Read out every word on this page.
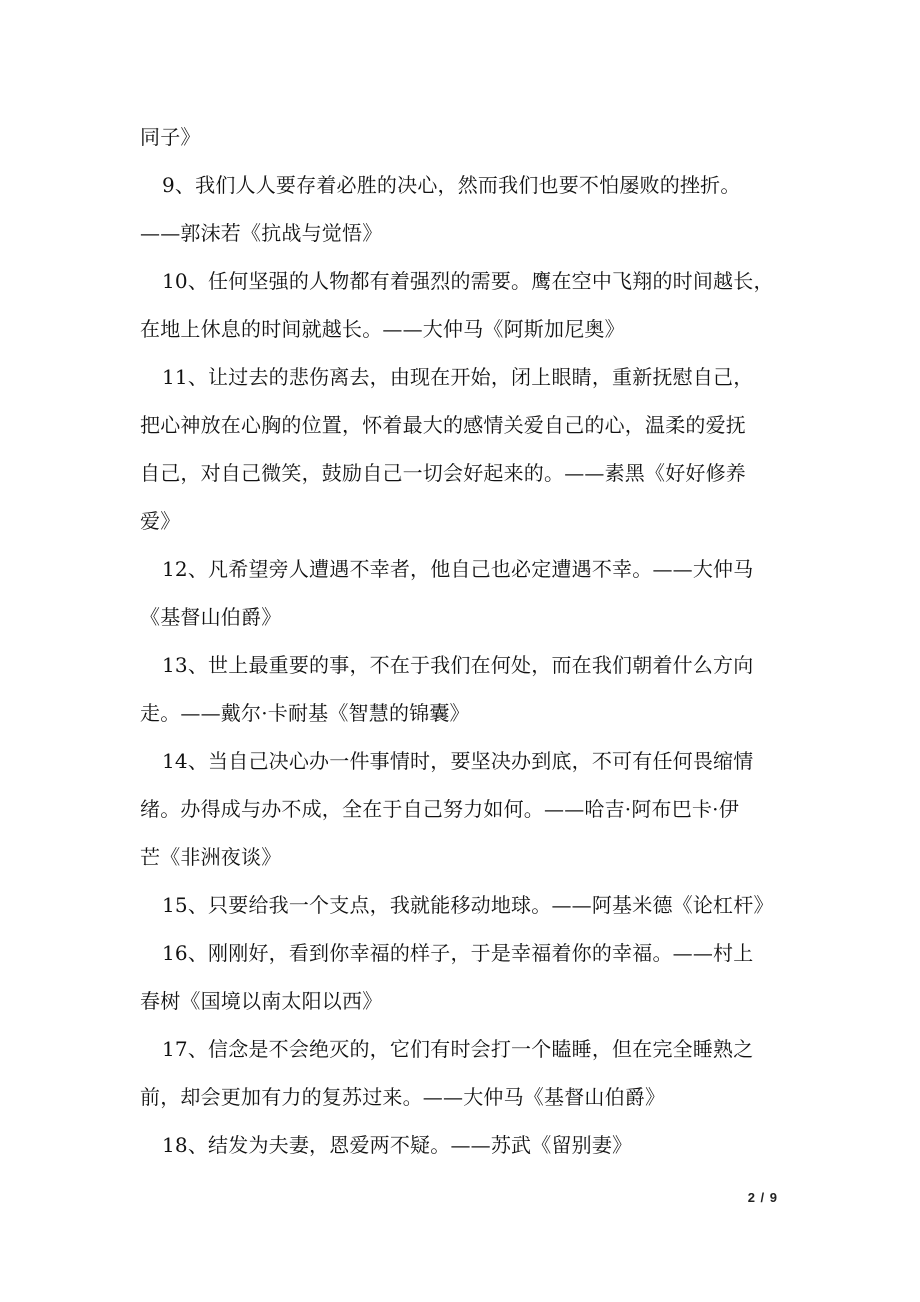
同子》
9、我们人人要存着必胜的决心，然而我们也要不怕屡败的挫折。
——郭沫若《抗战与觉悟》
10、任何坚强的人物都有着强烈的需要。鹰在空中飞翔的时间越长，
在地上休息的时间就越长。——大仲马《阿斯加尼奥》
11、让过去的悲伤离去，由现在开始，闭上眼睛，重新抚慰自己，
把心神放在心胸的位置，怀着最大的感情关爱自己的心，温柔的爱抚
自己，对自己微笑，鼓励自己一切会好起来的。——素黑《好好修养
爱》
12、凡希望旁人遭遇不幸者，他自己也必定遭遇不幸。——大仲马
《基督山伯爵》
13、世上最重要的事，不在于我们在何处，而在我们朝着什么方向
走。——戴尔·卡耐基《智慧的锦囊》
14、当自己决心办一件事情时，要坚决办到底，不可有任何畏缩情
绪。办得成与办不成，全在于自己努力如何。——哈吉·阿布巴卡·伊
芒《非洲夜谈》
15、只要给我一个支点，我就能移动地球。——阿基米德《论杠杆》
16、刚刚好，看到你幸福的样子，于是幸福着你的幸福。——村上
春树《国境以南太阳以西》
17、信念是不会绝灭的，它们有时会打一个瞌睡，但在完全睡熟之
前，却会更加有力的复苏过来。——大仲马《基督山伯爵》
18、结发为夫妻，恩爱两不疑。——苏武《留别妻》
2 / 9
